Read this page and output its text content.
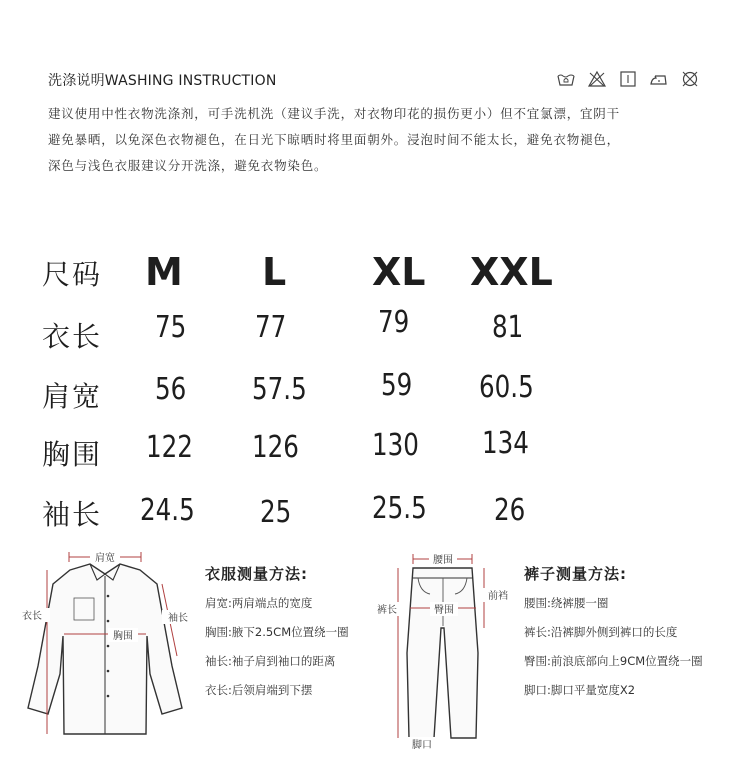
洗涤说明WASHING INSTRUCTION
建议使用中性衣物洗涤剂，可手洗机洗（建议手洗，对衣物印花的损伤更小）但不宜氯漂，宜阴干
避免暴晒，以免深色衣物褪色，在日光下晾晒时将里面朝外。浸泡时间不能太长，避免衣物褪色，
深色与浅色衣服建议分开洗涤，避免衣物染色。
尺码 M L XL XXL
衣长 75 77	79	81
肩宽 56 57.5 59 60.5
胸围 122 126 130 134
袖长 24.5 25	25.5 26
肩宽
衣长	袖长
胸围
衣服测量方法:
肩宽:两肩端点的宽度
胸围:腋下2.5CM位置绕一圈
袖长:袖子肩到袖口的距离
衣长:后领肩端到下摆
腰围
裤长
前裆
臀围
脚口
裤子测量方法:
腰围:绕裤腰一圈
裤长:沿裤脚外侧到裤口的长度
臀围:前浪底部向上9CM位置绕一圈
脚口:脚口平量宽度X2
